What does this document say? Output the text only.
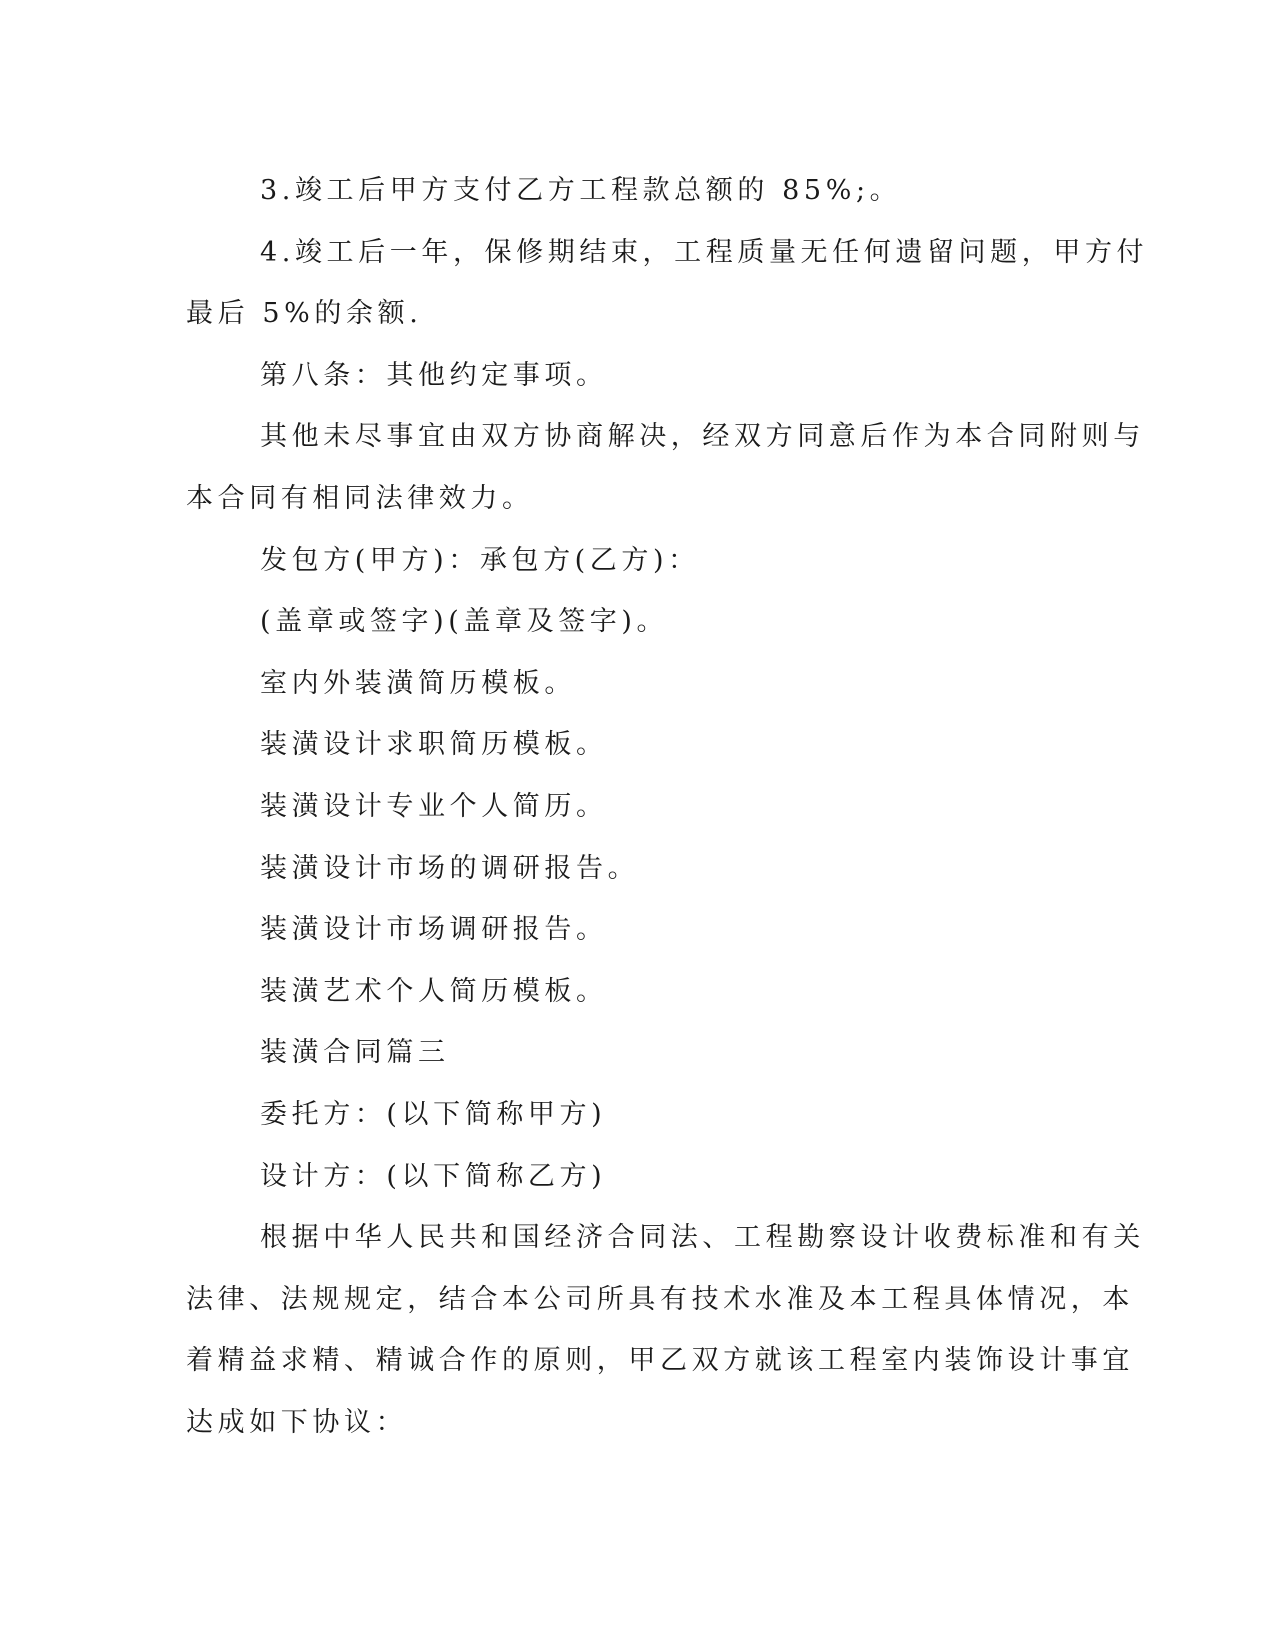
3.竣工后甲方支付乙方工程款总额的 85%;。
4.竣工后一年，保修期结束，工程质量无任何遗留问题，甲方付
最后 5%的余额.
第八条：其他约定事项。
其他未尽事宜由双方协商解决，经双方同意后作为本合同附则与
本合同有相同法律效力。
发包方(甲方)：承包方(乙方)：
(盖章或签字)(盖章及签字)。
室内外装潢简历模板。
装潢设计求职简历模板。
装潢设计专业个人简历。
装潢设计市场的调研报告。
装潢设计市场调研报告。
装潢艺术个人简历模板。
装潢合同篇三
委托方：(以下简称甲方)
设计方：(以下简称乙方)
根据中华人民共和国经济合同法、工程勘察设计收费标准和有关
法律、法规规定，结合本公司所具有技术水准及本工程具体情况，本
着精益求精、精诚合作的原则，甲乙双方就该工程室内装饰设计事宜
达成如下协议：
